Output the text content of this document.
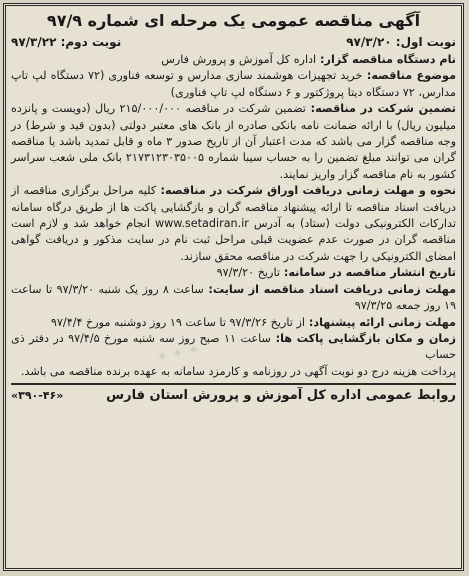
✦ ✦ ✦
آگهی مناقصه عمومی یک مرحله ای شماره ۹۷/۹
نوبت اول: ۹۷/۳/۲۰
نوبت دوم: ۹۷/۳/۲۲

نام دستگاه مناقصه گزار: اداره کل آموزش و پرورش فارس

موضوع مناقصه: خرید تجهیزات هوشمند سازی مدارس و توسعه فناوری (۷۲ دستگاه لپ تاپ مدارس، ۷۲ دستگاه دیتا پروژکتور و ۶ دستگاه لپ تاپ فناوری)

تضمین شرکت در مناقصه: تضمین شرکت در مناقصه ۲۱۵/۰۰۰/۰۰۰ ریال (دویست و پانزده میلیون ریال) با ارائه ضمانت نامه بانکی صادره از بانک های معتبر دولتی (بدون قید و شرط) در وجه مناقصه گزار می باشد که مدت اعتبار آن از تاریخ صدور ۳ ماه و قابل تمدید باشد یا مناقصه گران می توانند مبلغ تضمین را به حساب سیبا شماره ۲۱۷۳۱۲۳۰۳۵۰۰۵ بانک ملی شعب سراسر کشور به نام مناقصه گزار واریز نمایند.

نحوه و مهلت زمانی دریافت اوراق شرکت در مناقصه: کلیه مراحل برگزاری مناقصه از دریافت اسناد مناقصه تا ارائه پیشنهاد مناقصه گران و بازگشایی پاکت ها از طریق درگاه سامانه تدارکات الکترونیکی دولت (ستاد) به آدرس www.setadiran.ir انجام خواهد شد و لازم است مناقصه گران در صورت عدم عضویت قبلی مراحل ثبت نام در سایت مذکور و دریافت گواهی امضای الکترونیکی را جهت شرکت در مناقصه محقق سازند.

تاریخ انتشار مناقصه در سامانه: تاریخ ۹۷/۳/۲۰

مهلت زمانی دریافت اسناد مناقصه از سایت: ساعت ۸ روز یک شنبه ۹۷/۳/۲۰ تا ساعت ۱۹ روز جمعه ۹۷/۳/۲۵

مهلت زمانی ارائه پیشنهاد: از تاریخ ۹۷/۳/۲۶ تا ساعت ۱۹ روز دوشنبه مورخ ۹۷/۴/۴

زمان و مکان بازگشایی پاکت ها: ساعت ۱۱ صبح روز سه شنبه مورخ ۹۷/۴/۵ در دفتر ذی حساب

پرداخت هزینه درج دو نوبت آگهی در روزنامه و کارمزد سامانه به عهده برنده مناقصه می باشد.

روابط عمومی اداره کل آموزش و پرورش استان فارس
«۳۹۰-۴۶»
